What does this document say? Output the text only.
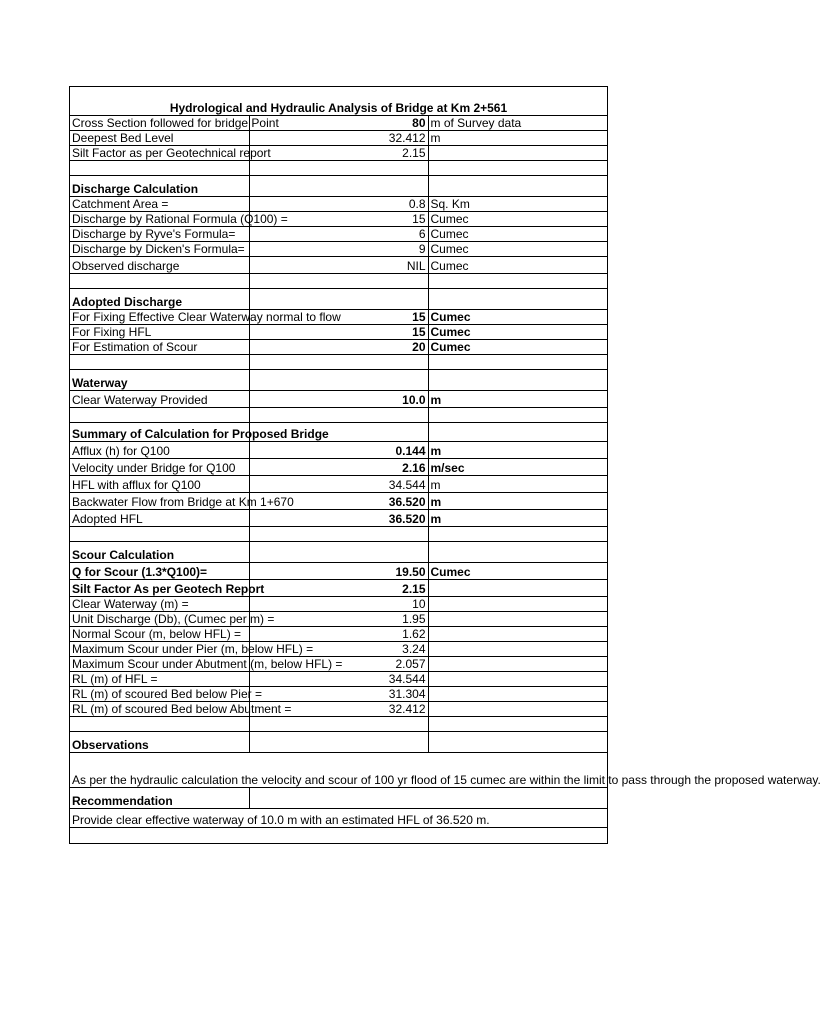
Hydrological and Hydraulic Analysis of Bridge at Km 2+561		
Cross Section followed for bridge Point	80	m of Survey data
Deepest Bed Level	32.412	m
Silt Factor as per Geotechnical report	2.15	

Discharge Calculation		
Catchment Area =	0.8	Sq. Km
Discharge by Rational Formula (Q100) =	15	Cumec
Discharge by Ryve's Formula=	6	Cumec
Discharge by Dicken's Formula=	9	Cumec
Observed discharge	NIL	Cumec

Adopted Discharge		
For Fixing Effective Clear Waterway normal to flow	15	Cumec
For Fixing HFL	15	Cumec
For Estimation of Scour	20	Cumec

Waterway		
Clear Waterway Provided	10.0	m

Summary of Calculation for Proposed Bridge		
Afflux (h) for Q100	0.144	m
Velocity under Bridge for Q100	2.16	m/sec
HFL with afflux for Q100	34.544	m
Backwater Flow from Bridge at Km 1+670	36.520	m
Adopted HFL	36.520	m

Scour Calculation		
Q for Scour (1.3*Q100)=	19.50	Cumec
Silt Factor As per Geotech Report	2.15	
Clear Waterway (m) =	10	
Unit Discharge (Db), (Cumec per m) =	1.95	
Normal Scour (m, below HFL) =	1.62	
Maximum Scour under Pier (m, below HFL) =	3.24	
Maximum Scour under Abutment (m, below HFL) =	2.057	
RL (m) of HFL =	34.544	
RL (m) of scoured Bed below Pier =	31.304	
RL (m) of scoured Bed below Abutment =	32.412	

Observations		
As per the hydraulic calculation the velocity and scour of 100 yr flood of 15 cumec are within the limit to pass through the proposed waterway.		
Recommendation		
Provide clear effective waterway of 10.0 m with an estimated HFL of 36.520 m.		
